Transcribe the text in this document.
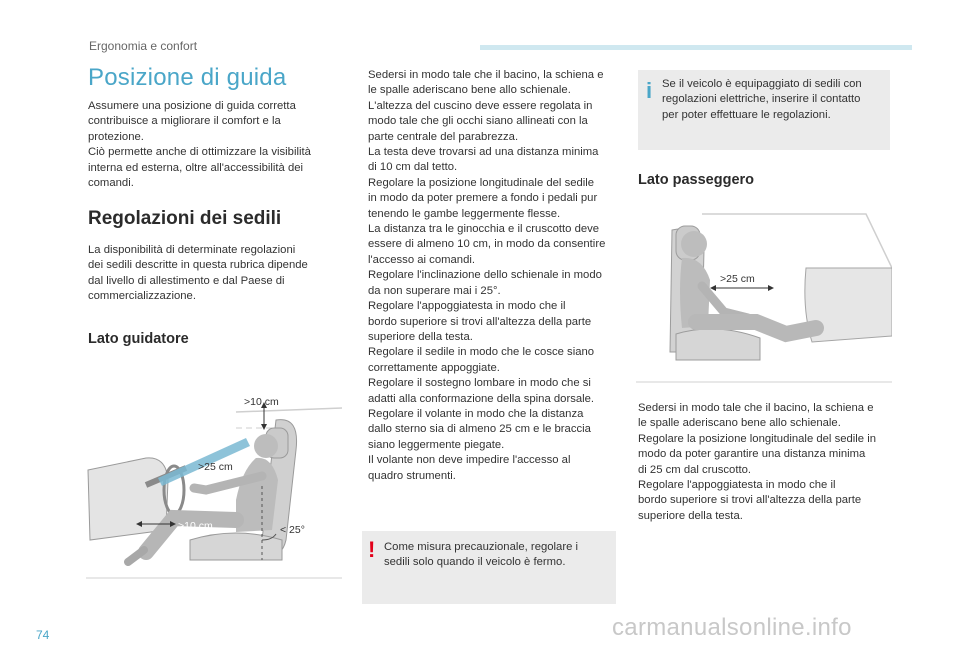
Ergonomia e confort
Posizione di guida
Assumere una posizione di guida corretta
contribuisce a migliorare il comfort e la
protezione.
Ciò permette anche di ottimizzare la visibilità
interna ed esterna, oltre all'accessibilità dei
comandi.
Regolazioni dei sedili
La disponibilità di determinate regolazioni
dei sedili descritte in questa rubrica dipende
dal livello di allestimento e dal Paese di
commercializzazione.
Lato guidatore
>10 cm
>25 cm
>10 cm	< 25°
Sedersi in modo tale che il bacino, la schiena e
le spalle aderiscano bene allo schienale.
L'altezza del cuscino deve essere regolata in
modo tale che gli occhi siano allineati con la
parte centrale del parabrezza.
La testa deve trovarsi ad una distanza minima
di 10 cm dal tetto.
Regolare la posizione longitudinale del sedile
in modo da poter premere a fondo i pedali pur
tenendo le gambe leggermente flesse.
La distanza tra le ginocchia e il cruscotto deve
essere di almeno 10 cm, in modo da consentire
l'accesso ai comandi.
Regolare l'inclinazione dello schienale in modo
da non superare mai i 25°.
Regolare l'appoggiatesta in modo che il
bordo superiore si trovi all'altezza della parte
superiore della testa.
Regolare il sedile in modo che le cosce siano
correttamente appoggiate.
Regolare il sostegno lombare in modo che si
adatti alla conformazione della spina dorsale.
Regolare il volante in modo che la distanza
dallo sterno sia di almeno 25 cm e le braccia
siano leggermente piegate.
Il volante non deve impedire l'accesso al
quadro strumenti.
! Come misura precauzionale, regolare i
sedili solo quando il veicolo è fermo.
i Se il veicolo è equipaggiato di sedili con
regolazioni elettriche, inserire il contatto
per poter effettuare le regolazioni.
Lato passeggero
>25 cm
Sedersi in modo tale che il bacino, la schiena e
le spalle aderiscano bene allo schienale.
Regolare la posizione longitudinale del sedile in
modo da poter garantire una distanza minima
di 25 cm dal cruscotto.
Regolare l'appoggiatesta in modo che il
bordo superiore si trovi all'altezza della parte
superiore della testa.
74	carmanualsonline.info
